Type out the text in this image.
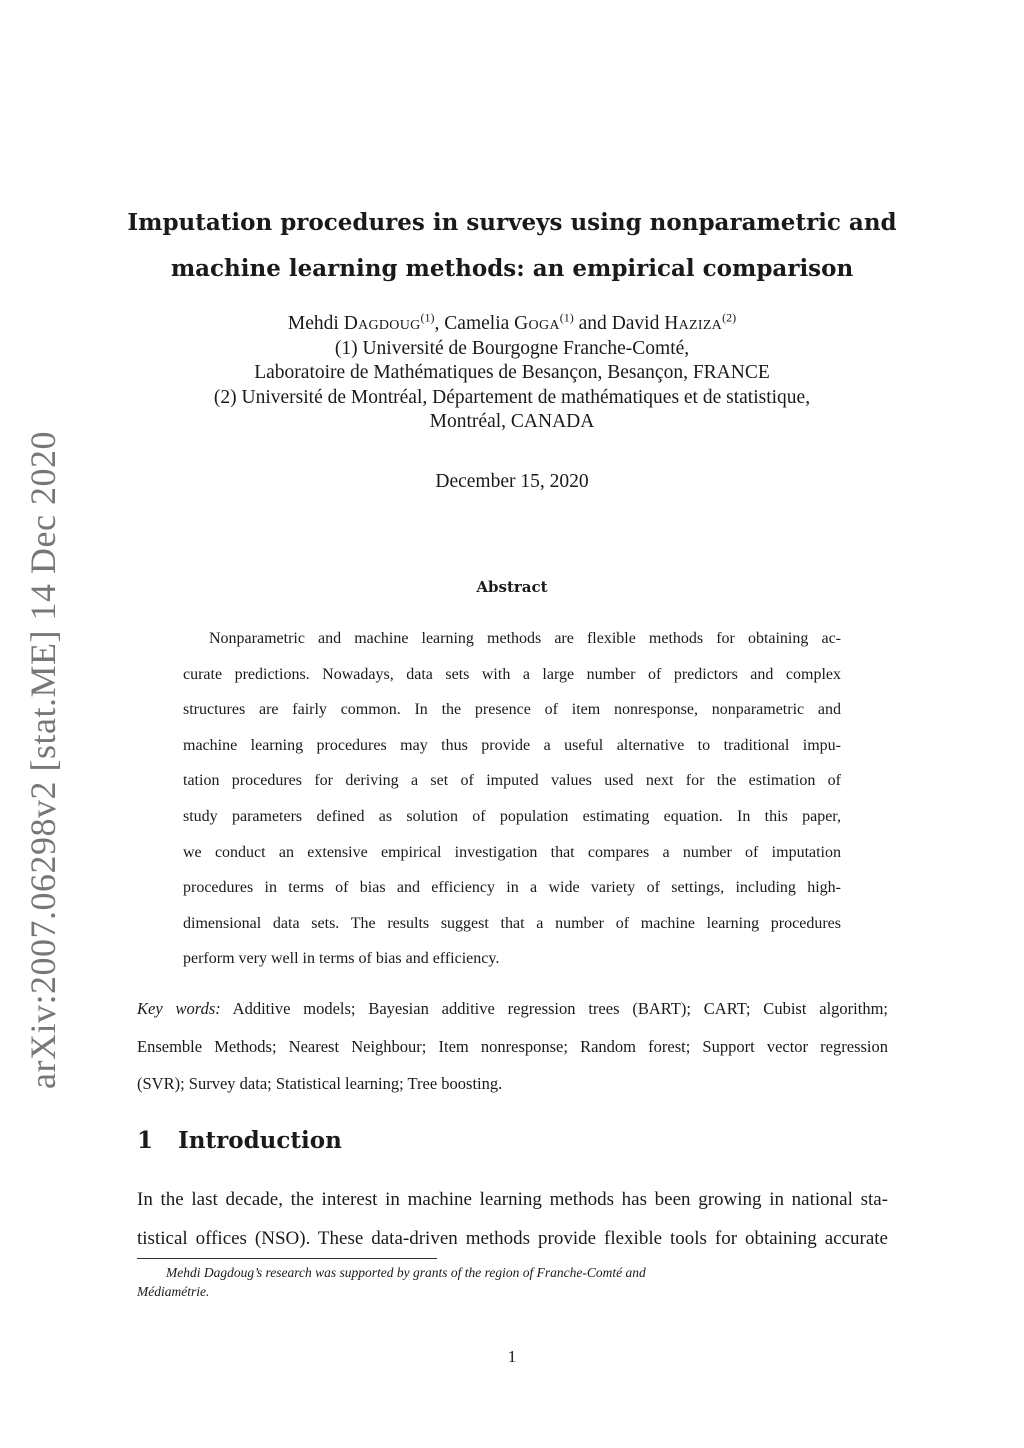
arXiv:2007.06298v2 [stat.ME] 14 Dec 2020
Imputation procedures in surveys using nonparametric and
machine learning methods: an empirical comparison
Mehdi Dagdoug$^{(1)}$, Camelia Goga$^{(1)}$ and David Haziza$^{(2)}$
(1) Université de Bourgogne Franche-Comté,
Laboratoire de Mathématiques de Besançon, Besançon, FRANCE
(2) Université de Montréal, Département de mathématiques et de statistique,
Montréal, CANADA
December 15, 2020
Abstract
Nonparametric and machine learning methods are flexible methods for obtaining ac-
curate predictions. Nowadays, data sets with a large number of predictors and complex
structures are fairly common. In the presence of item nonresponse, nonparametric and
machine learning procedures may thus provide a useful alternative to traditional impu-
tation procedures for deriving a set of imputed values used next for the estimation of
study parameters defined as solution of population estimating equation. In this paper,
we conduct an extensive empirical investigation that compares a number of imputation
procedures in terms of bias and efficiency in a wide variety of settings, including high-
dimensional data sets. The results suggest that a number of machine learning procedures
perform very well in terms of bias and efficiency.
Key words: Additive models; Bayesian additive regression trees (BART); CART; Cubist algorithm;
Ensemble Methods; Nearest Neighbour; Item nonresponse; Random forest; Support vector regression
(SVR); Survey data; Statistical learning; Tree boosting.
1 Introduction
In the last decade, the interest in machine learning methods has been growing in national sta-
tistical offices (NSO). These data-driven methods provide flexible tools for obtaining accurate
Mehdi Dagdoug’s research was supported by grants of the region of Franche-Comté and
Médiamétrie.
1
